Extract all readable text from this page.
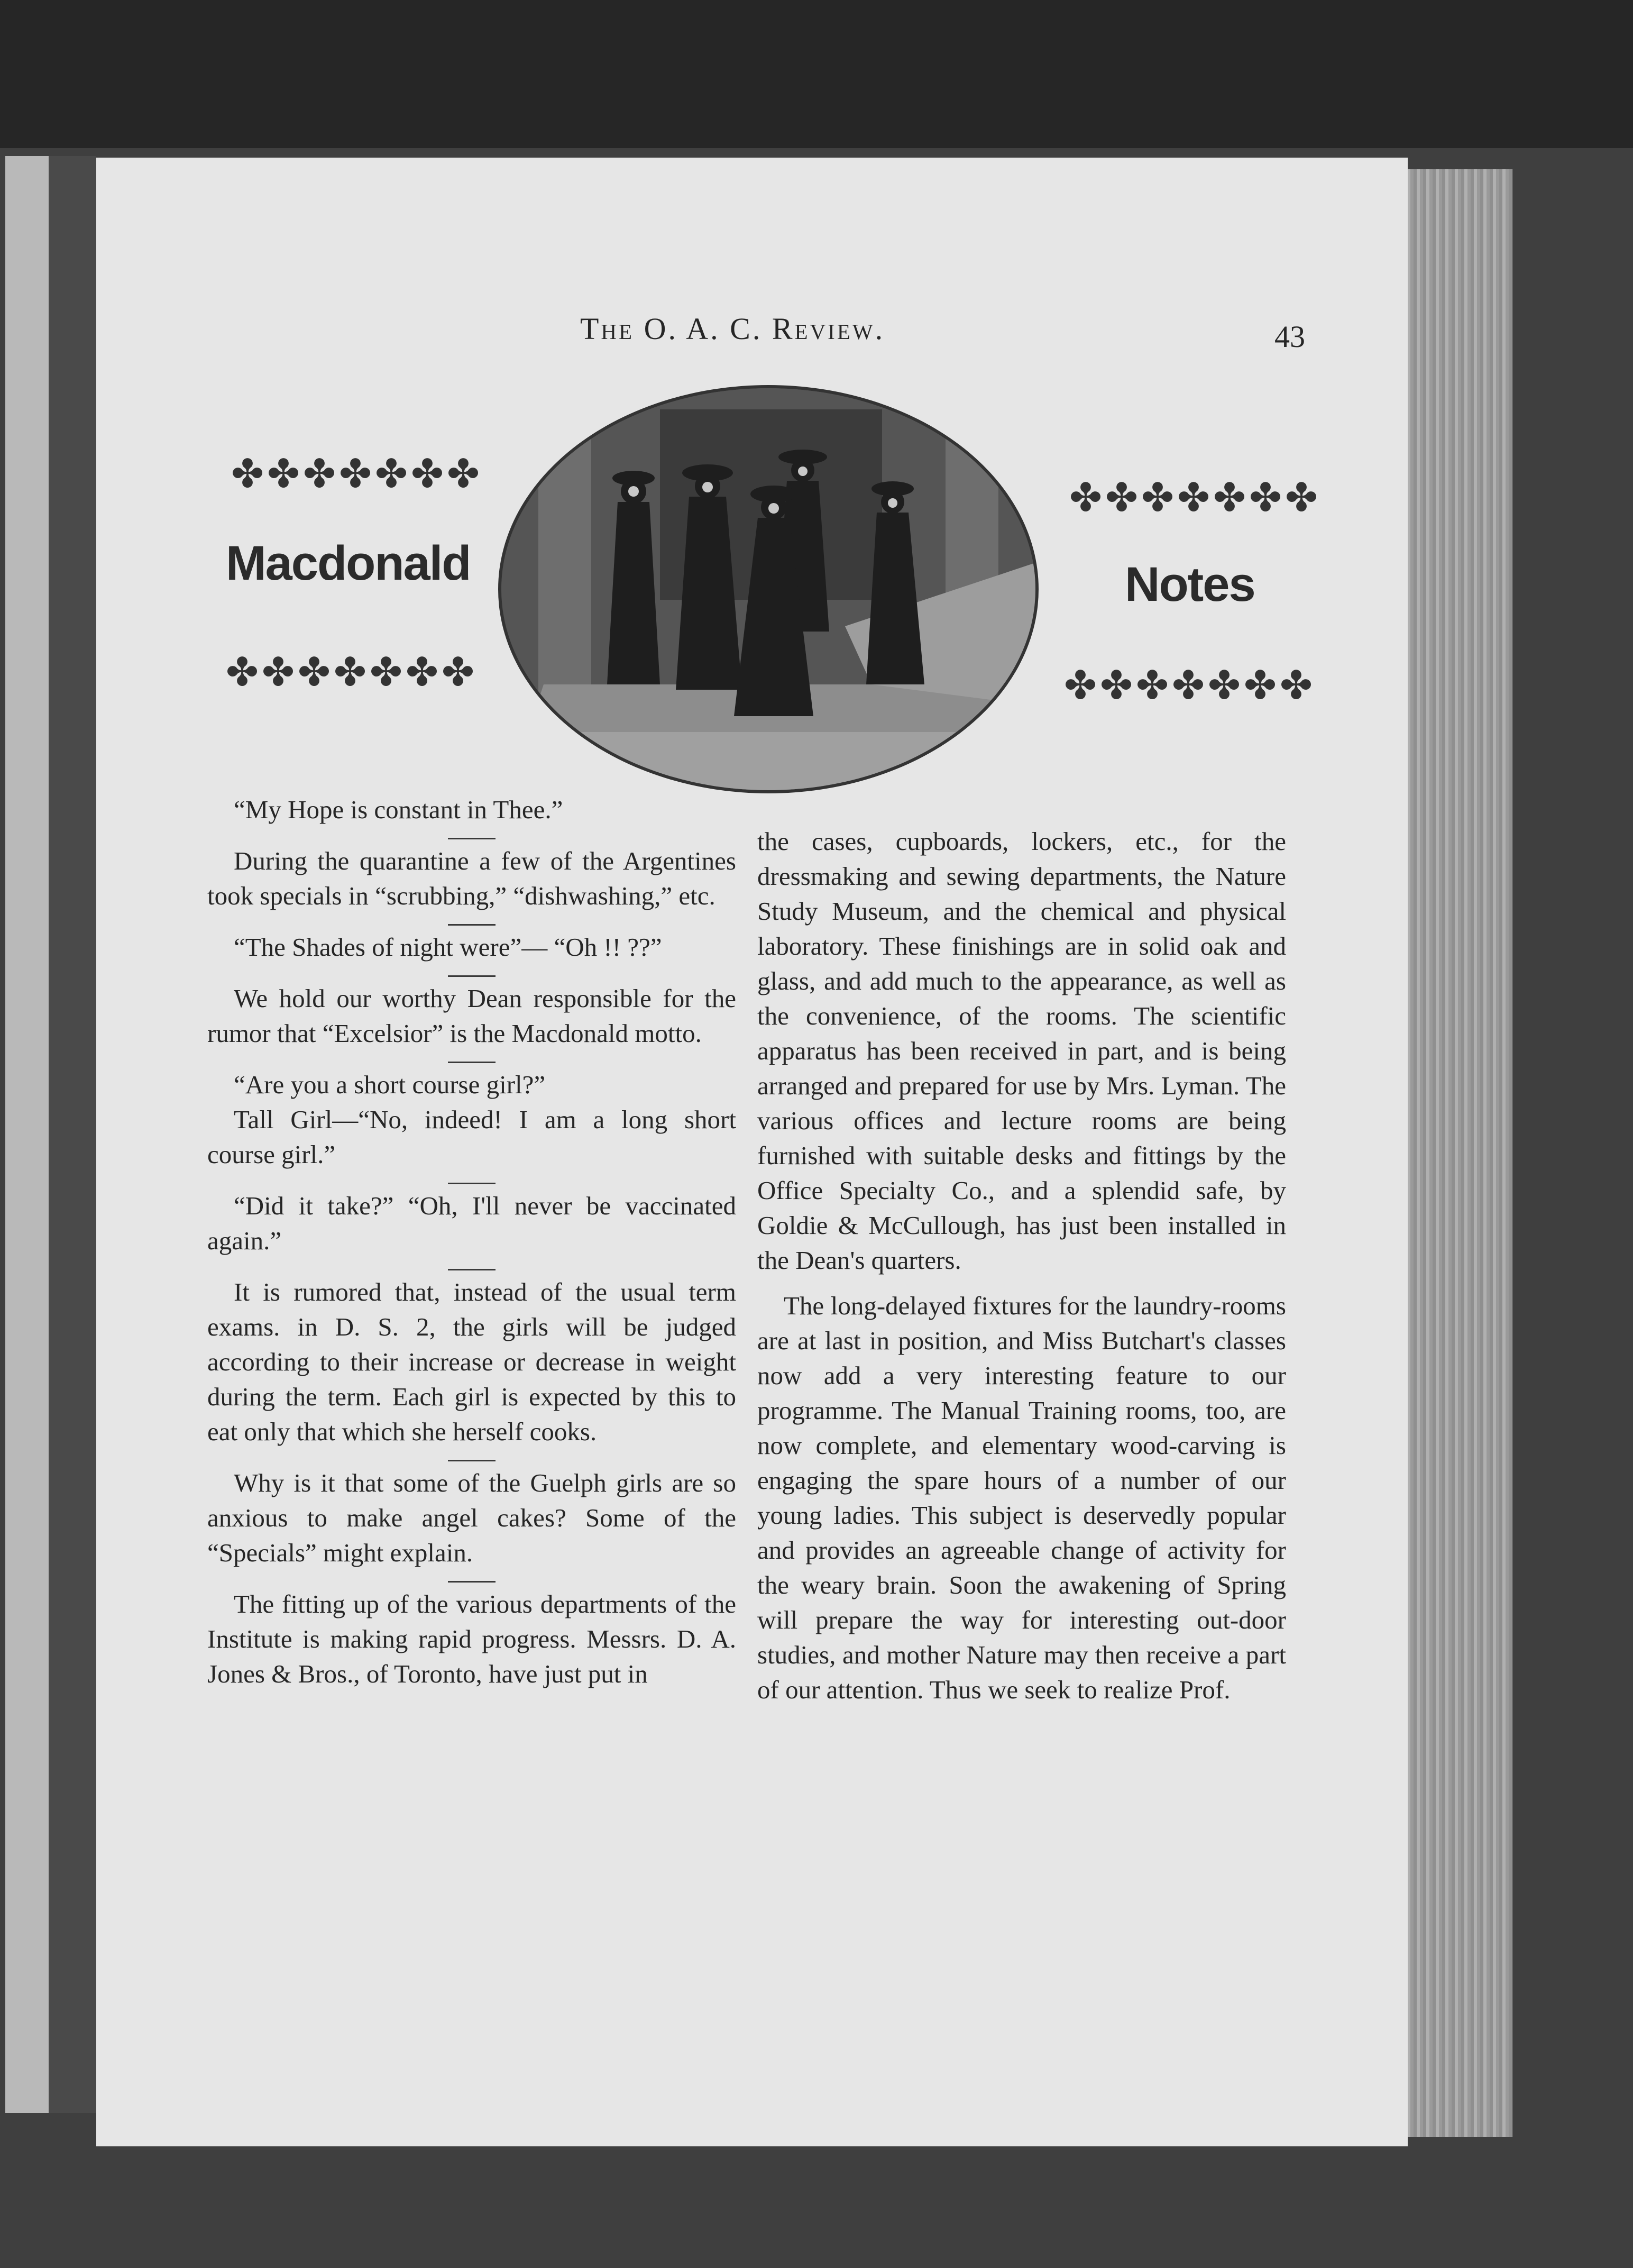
The O. A. C. Review.	43
✤✤✤✤✤✤✤
Macdonald
✤✤✤✤✤✤✤
✤✤✤✤✤✤✤
Notes
✤✤✤✤✤✤✤

“My Hope is constant in Thee.”

During the quarantine a few of the Argentines took specials in “scrubbing,” “dishwashing,” etc.

“The Shades of night were”— “Oh !! ??”

We hold our worthy Dean responsible for the rumor that “Excelsior” is the Macdonald motto.

“Are you a short course girl?”

Tall Girl—“No, indeed! I am a long short course girl.”

“Did it take?” “Oh, I'll never be vaccinated again.”

It is rumored that, instead of the usual term exams. in D. S. 2, the girls will be judged according to their increase or decrease in weight during the term. Each girl is expected by this to eat only that which she herself cooks.

Why is it that some of the Guelph girls are so anxious to make angel cakes? Some of the “Specials” might explain.

The fitting up of the various departments of the Institute is making rapid progress. Messrs. D. A. Jones & Bros., of Toronto, have just put in

the cases, cupboards, lockers, etc., for the dressmaking and sewing departments, the Nature Study Museum, and the chemical and physical laboratory. These finishings are in solid oak and glass, and add much to the appearance, as well as the convenience, of the rooms. The scientific apparatus has been received in part, and is being arranged and prepared for use by Mrs. Lyman. The various offices and lecture rooms are being furnished with suitable desks and fittings by the Office Specialty Co., and a splendid safe, by Goldie & McCullough, has just been installed in the Dean's quarters.

The long-delayed fixtures for the laundry-rooms are at last in position, and Miss Butchart's classes now add a very interesting feature to our programme. The Manual Training rooms, too, are now complete, and elementary wood-carving is engaging the spare hours of a number of our young ladies. This subject is deservedly popular and provides an agreeable change of activity for the weary brain. Soon the awakening of Spring will prepare the way for interesting out-door studies, and mother Nature may then receive a part of our attention. Thus we seek to realize Prof.
